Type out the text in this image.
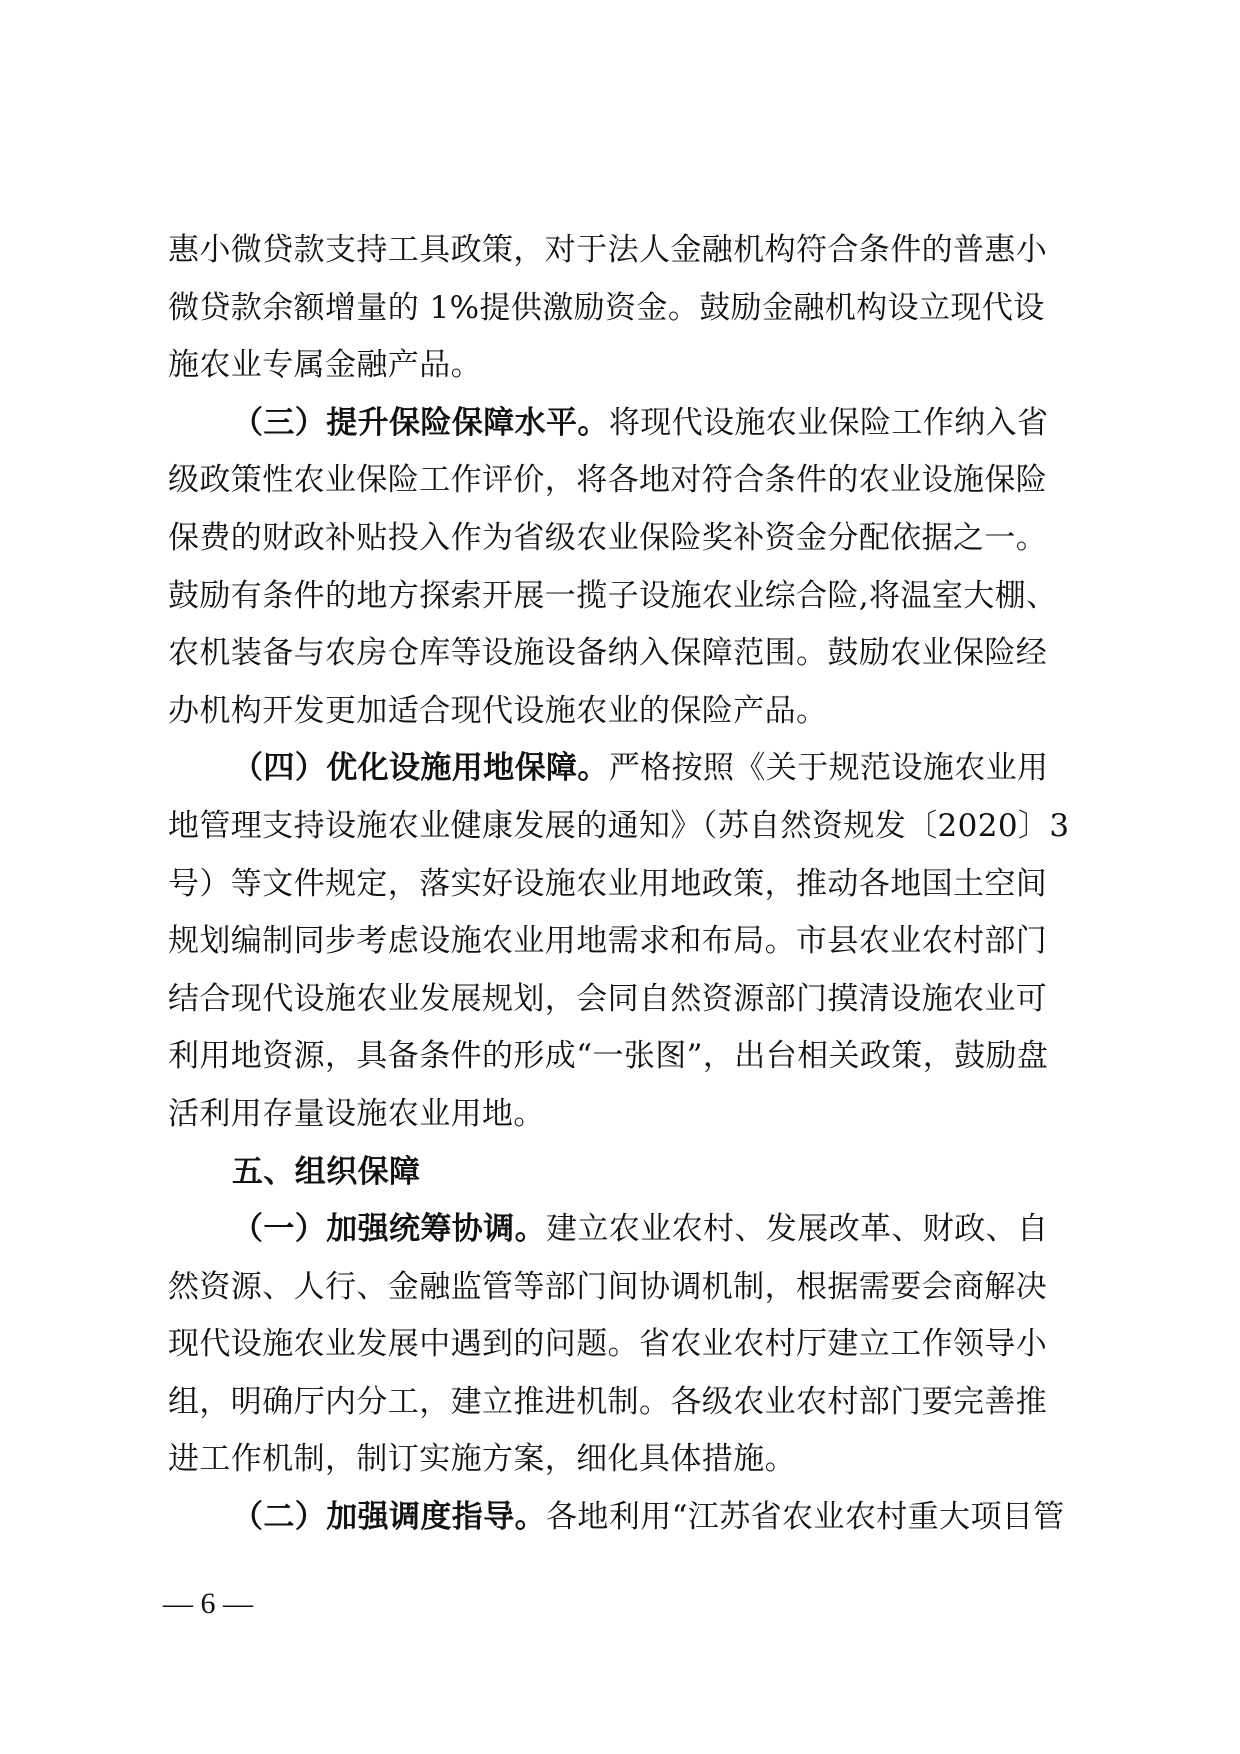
惠小微贷款支持工具政策，对于法人金融机构符合条件的普惠小
微贷款余额增量的 1%提供激励资金。鼓励金融机构设立现代设
施农业专属金融产品。
（三）提升保险保障水平。将现代设施农业保险工作纳入省
级政策性农业保险工作评价，将各地对符合条件的农业设施保险
保费的财政补贴投入作为省级农业保险奖补资金分配依据之一。
鼓励有条件的地方探索开展一揽子设施农业综合险,将温室大棚、
农机装备与农房仓库等设施设备纳入保障范围。鼓励农业保险经
办机构开发更加适合现代设施农业的保险产品。
（四）优化设施用地保障。严格按照《关于规范设施农业用
地管理支持设施农业健康发展的通知》（苏自然资规发〔2020〕3
号）等文件规定，落实好设施农业用地政策，推动各地国土空间
规划编制同步考虑设施农业用地需求和布局。市县农业农村部门
结合现代设施农业发展规划，会同自然资源部门摸清设施农业可
利用地资源，具备条件的形成“一张图”，出台相关政策，鼓励盘
活利用存量设施农业用地。
五、组织保障
（一）加强统筹协调。建立农业农村、发展改革、财政、自
然资源、人行、金融监管等部门间协调机制，根据需要会商解决
现代设施农业发展中遇到的问题。省农业农村厅建立工作领导小
组，明确厅内分工，建立推进机制。各级农业农村部门要完善推
进工作机制，制订实施方案，细化具体措施。
（二）加强调度指导。各地利用“江苏省农业农村重大项目管
— 6 —
